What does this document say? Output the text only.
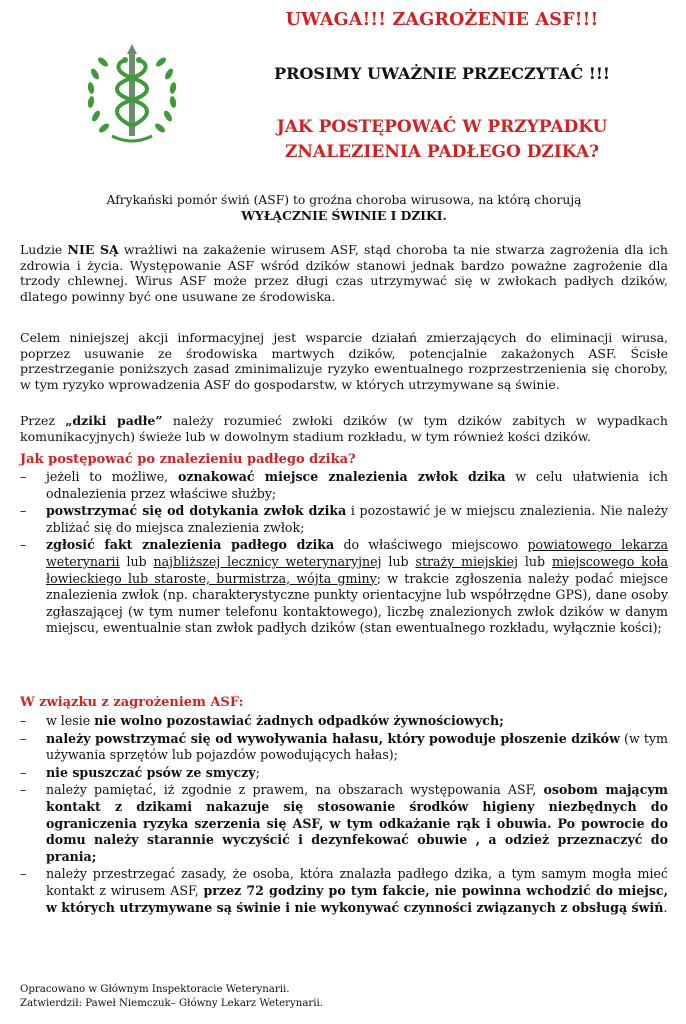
UWAGA!!! ZAGROŻENIE ASF!!!
PROSIMY UWAŻNIE PRZECZYTAĆ !!!
JAK POSTĘPOWAĆ W PRZYPADKU
ZNALEZIENIA PADŁEGO DZIKA?
Afrykański pomór świń (ASF) to groźna choroba wirusowa, na którą chorują
WYŁĄCZNIE ŚWINIE I DZIKI.
Ludzie NIE SĄ wrażliwi na zakażenie wirusem ASF, stąd choroba ta nie stwarza zagrożenia dla ich zdrowia i życia. Występowanie ASF wśród dzików stanowi jednak bardzo poważne zagrożenie dla trzody chlewnej. Wirus ASF może przez długi czas utrzymywać się w zwłokach padłych dzików, dlatego powinny być one usuwane ze środowiska.
Celem niniejszej akcji informacyjnej jest wsparcie działań zmierzających do eliminacji wirusa, poprzez usuwanie ze środowiska martwych dzików, potencjalnie zakażonych ASF. Ścisłe przestrzeganie poniższych zasad zminimalizuje ryzyko ewentualnego rozprzestrzenienia się choroby, w tym ryzyko wprowadzenia ASF do gospodarstw, w których utrzymywane są świnie.
Przez „dziki padłe” należy rozumieć zwłoki dzików (w tym dzików zabitych w wypadkach komunikacyjnych) świeże lub w dowolnym stadium rozkładu, w tym również kości dzików.
Jak postępować po znalezieniu padłego dzika?
– jeżeli to możliwe, oznakować miejsce znalezienia zwłok dzika w celu ułatwienia ich odnalezienia przez właściwe służby;
– powstrzymać się od dotykania zwłok dzika i pozostawić je w miejscu znalezienia. Nie należy zbliżać się do miejsca znalezienia zwłok;
– zgłosić fakt znalezienia padłego dzika do właściwego miejscowo powiatowego lekarza weterynarii lub najbliższej lecznicy weterynaryjnej lub straży miejskiej lub miejscowego koła łowieckiego lub staroste, burmistrza, wójta gminy; w trakcie zgłoszenia należy podać miejsce znalezienia zwłok (np. charakterystyczne punkty orientacyjne lub współrzędne GPS), dane osoby zgłaszającej (w tym numer telefonu kontaktowego), liczbę znalezionych zwłok dzików w danym miejscu, ewentualnie stan zwłok padłych dzików (stan ewentualnego rozkładu, wyłącznie kości);
W związku z zagrożeniem ASF:
– w lesie nie wolno pozostawiać żadnych odpadków żywnościowych;
– należy powstrzymać się od wywoływania hałasu, który powoduje płoszenie dzików (w tym używania sprzętów lub pojazdów powodujących hałas);
– nie spuszczać psów ze smyczy;
– należy pamiętać, iż zgodnie z prawem, na obszarach występowania ASF, osobom mającym kontakt z dzikami nakazuje się stosowanie środków higieny niezbędnych do ograniczenia ryzyka szerzenia się ASF, w tym odkażanie rąk i obuwia. Po powrocie do domu należy starannie wyczyścić i dezynfekować obuwie , a odzież przeznaczyć do prania;
– należy przestrzegać zasady, że osoba, która znalazła padłego dzika, a tym samym mogła mieć kontakt z wirusem ASF, przez 72 godziny po tym fakcie, nie powinna wchodzić do miejsc, w których utrzymywane są świnie i nie wykonywać czynności związanych z obsługą świń.
Opracowano w Głównym Inspektoracie Weterynarii.
Zatwierdził: Paweł Niemczuk– Główny Lekarz Weterynarii.
